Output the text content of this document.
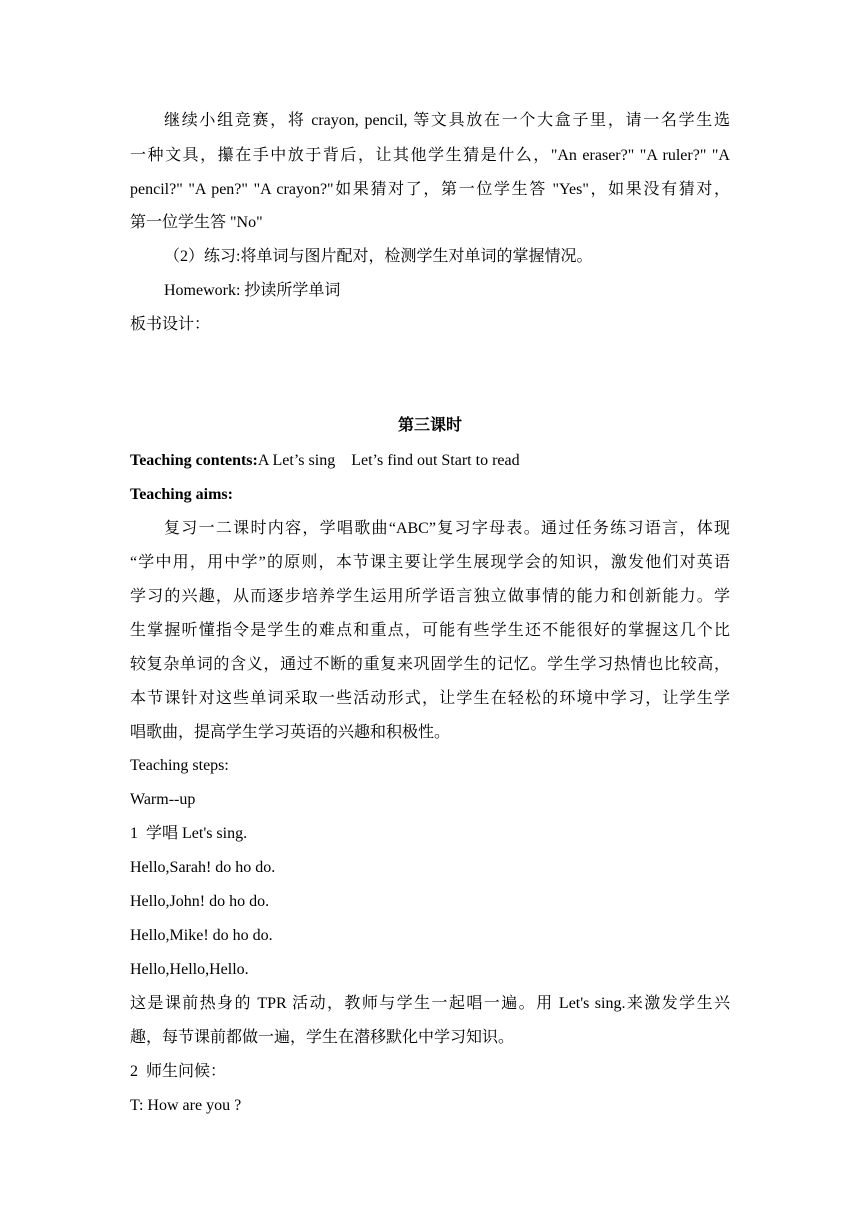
继续小组竞赛，将 crayon, pencil, 等文具放在一个大盒子里，请一名学生选
一种文具，攥在手中放于背后，让其他学生猜是什么，"An eraser?" "A ruler?" "A
pencil?" "A pen?" "A crayon?"如果猜对了，第一位学生答 "Yes"，如果没有猜对，
第一位学生答 "No"
（2）练习:将单词与图片配对，检测学生对单词的掌握情况。
Homework: 抄读所学单词
板书设计：
第三课时
Teaching contents:A Let’s sing    Let’s find out Start to read
Teaching aims:
复习一二课时内容，学唱歌曲“ABC”复习字母表。通过任务练习语言，体现
“学中用，用中学”的原则，本节课主要让学生展现学会的知识，激发他们对英语
学习的兴趣，从而逐步培养学生运用所学语言独立做事情的能力和创新能力。学
生掌握听懂指令是学生的难点和重点，可能有些学生还不能很好的掌握这几个比
较复杂单词的含义，通过不断的重复来巩固学生的记忆。学生学习热情也比较高，
本节课针对这些单词采取一些活动形式，让学生在轻松的环境中学习，让学生学
唱歌曲，提高学生学习英语的兴趣和积极性。
Teaching steps:
Warm--up
1  学唱 Let's sing.
Hello,Sarah! do ho do.
Hello,John! do ho do.
Hello,Mike! do ho do.
Hello,Hello,Hello.
这是课前热身的 TPR 活动，教师与学生一起唱一遍。用 Let's sing.来激发学生兴
趣，每节课前都做一遍，学生在潜移默化中学习知识。
2  师生问候：
T: How are you ?
